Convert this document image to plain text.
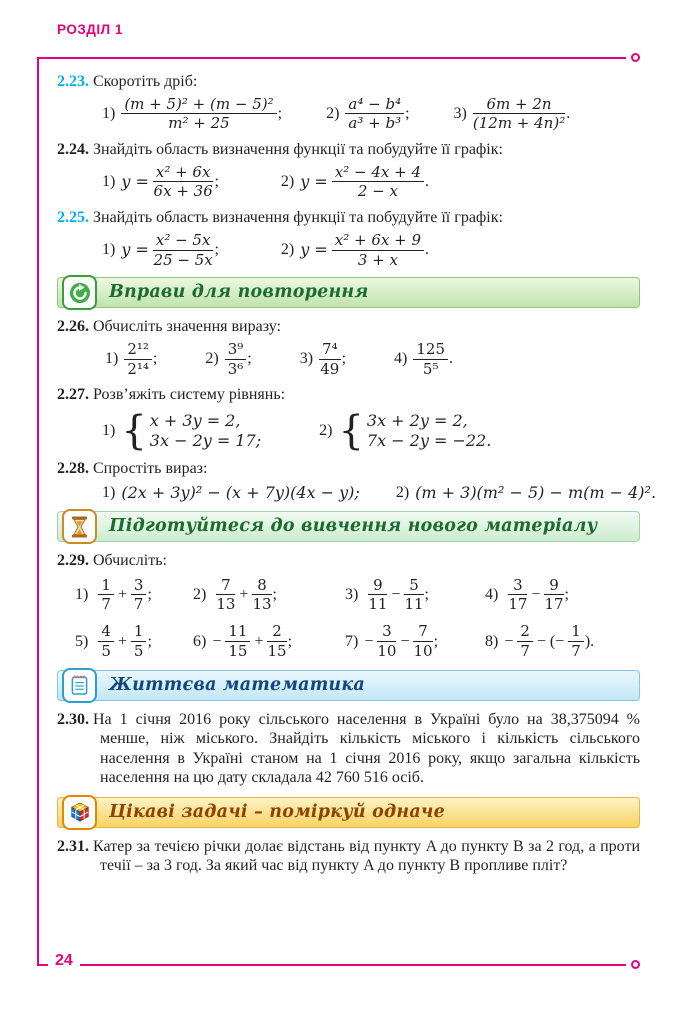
РОЗДІЛ 1
24

2.23. Скоротіть дріб:

$1) \frac{\text{(m + 5)² + (m − 5)²}}{\text{m² + 25}}$ ;	$2) \frac{\text{a⁴ − b⁴}}{\text{a³ + b³}}$ ;	$3) \frac{6m + 2n}{\text{(12m + 4n)²}}$ .

2.24. Знайдіть область визначення функції та побудуйте її графік:

1) $y = \frac{\text{x² + 6x}}{6x + 36}$ ;	2) $y = \frac{\text{x² − 4x + 4}}{2 - x}$ .

2.25. Знайдіть область визначення функції та побудуйте її графік:

1) $y = \frac{\text{x² − 5x}}{25 - 5x}$ ;	2) $y = \frac{\text{x² + 6x + 9}}{3 + x}$ .
Вправи для повторення

2.26. Обчисліть значення виразу:

$1) \frac{\text{2¹²}}{\text{2¹⁴}}$ ;	$2) \frac{\text{3⁹}}{\text{3⁶}}$ ;	$3) \frac{\text{7⁴}}{49}$ ;	$4) \frac{125}{\text{5⁵}}$ .

2.27. Розв’яжіть систему рівнянь:

1) { x + 3y = 2,
3x − 2y = 17;
2) { 3x + 2y = 2,
7x − 2y = −22.

2.28. Спростіть вираз:

1) (2x + 3y)² − (x + 7y)(4x − y); 2) (m + 3)(m² − 5) − m(m − 4)².
Підготуйтеся до вивчення нового матеріалу

2.29. Обчисліть:

$1) \frac{1}{7} + \frac{3}{7}$ ;	$2) \frac{7}{13} + \frac{8}{13}$ ;	$3) \frac{9}{11} - \frac{5}{11}$ ;	$4) \frac{3}{17} - \frac{9}{17}$ ;
$5) \frac{4}{5} + \frac{1}{5}$ ;	$6) - \frac{11}{15} + \frac{2}{15}$ ;	$7) - \frac{3}{10} - \frac{7}{10}$ ;	$8) - \frac{2}{7}$ − (− $\frac{1}{7}$ ).
Життєва математика

2.30. На 1 січня 2016 року сільського населення в Україні було на 38,375094 % менше, ніж міського. Знайдіть кількість міського і кількість сільського населення в Україні станом на 1 січня 2016 року, якщо загальна кількість населення на цю дату складала 42 760 516 осіб.

Цікаві задачі – поміркуй одначе

2.31. Катер за течією річки долає відстань від пункту A до пункту B за 2 год, а проти течії – за 3 год. За який час від пункту A до пункту B пропливе пліт?
